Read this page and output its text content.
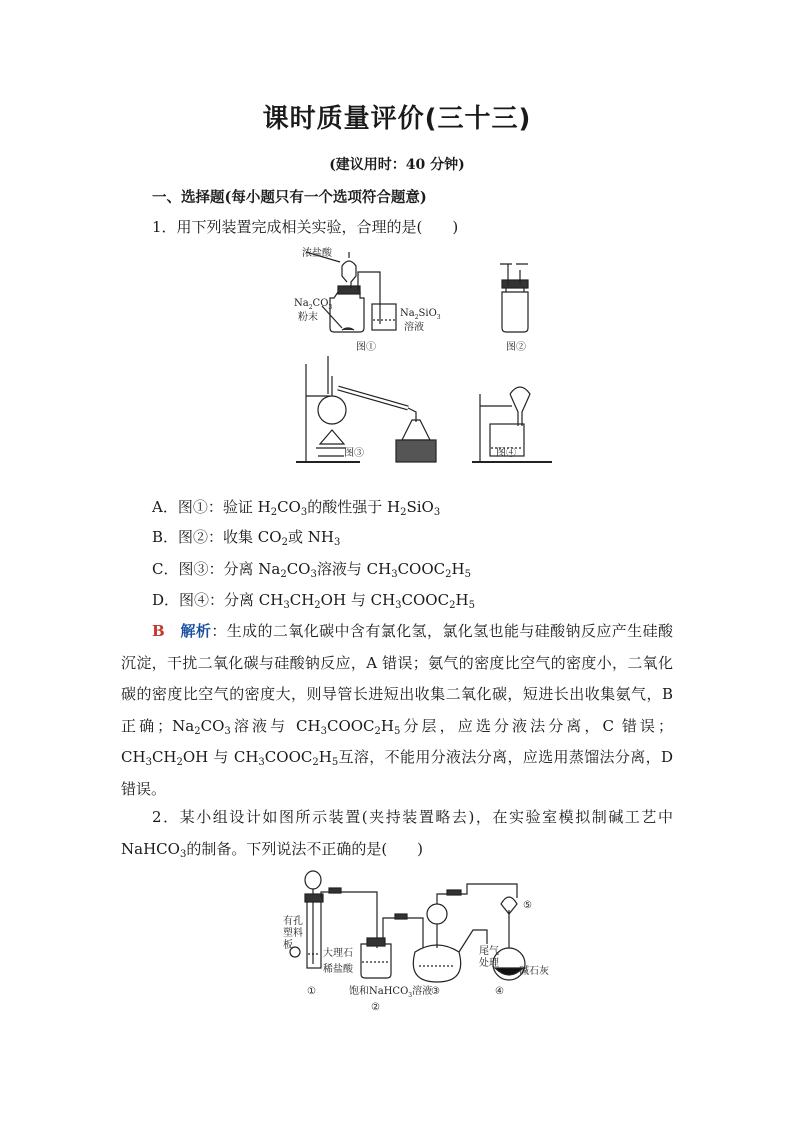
课时质量评价(三十三)
(建议用时：40 分钟)
一、选择题(每小题只有一个选项符合题意)
1．用下列装置完成相关实验，合理的是(　　)
浓盐酸
$Na_2CO_3$
粉末	$Na_2SiO_3$
溶液
图①	图②
图③	图④
A．图①：验证 $H_2CO_3$的酸性强于 $H_2SiO_3$
B．图②：收集 $CO_2$或 $NH_3$
C．图③：分离 $Na_2CO_3$溶液与 $CH_3COOC_2H_5$
D．图④：分离 $CH_3CH_2OH$ 与 $CH_3COOC_2H_5$
B　 解析：生成的二氧化碳中含有氯化氢，氯化氢也能与硅酸钠反应产生硅酸沉淀，干扰二氧化碳与硅酸钠反应，A 错误；氨气的密度比空气的密度小，二氧化碳的密度比空气的密度大，则导管长进短出收集二氧化碳，短进长出收集氨气，B 正确；$Na_2CO_3$溶液与 $CH_3COOC_2H_5$分层，应选分液法分离，C 错误；$CH_3CH_2OH$ 与 $CH_3COOC_2H_5$互溶，不能用分液法分离，应选用蒸馏法分离，D 错误。
2．某小组设计如图所示装置(夹持装置略去)，在实验室模拟制碱工艺中 NaHCO$_3$的制备。下列说法不正确的是(　　)
有孔塑料板
大理石
稀盐酸
饱和NaHCO$_3$溶液
尾气处理
碱石灰
①
②
③	④
⑤
